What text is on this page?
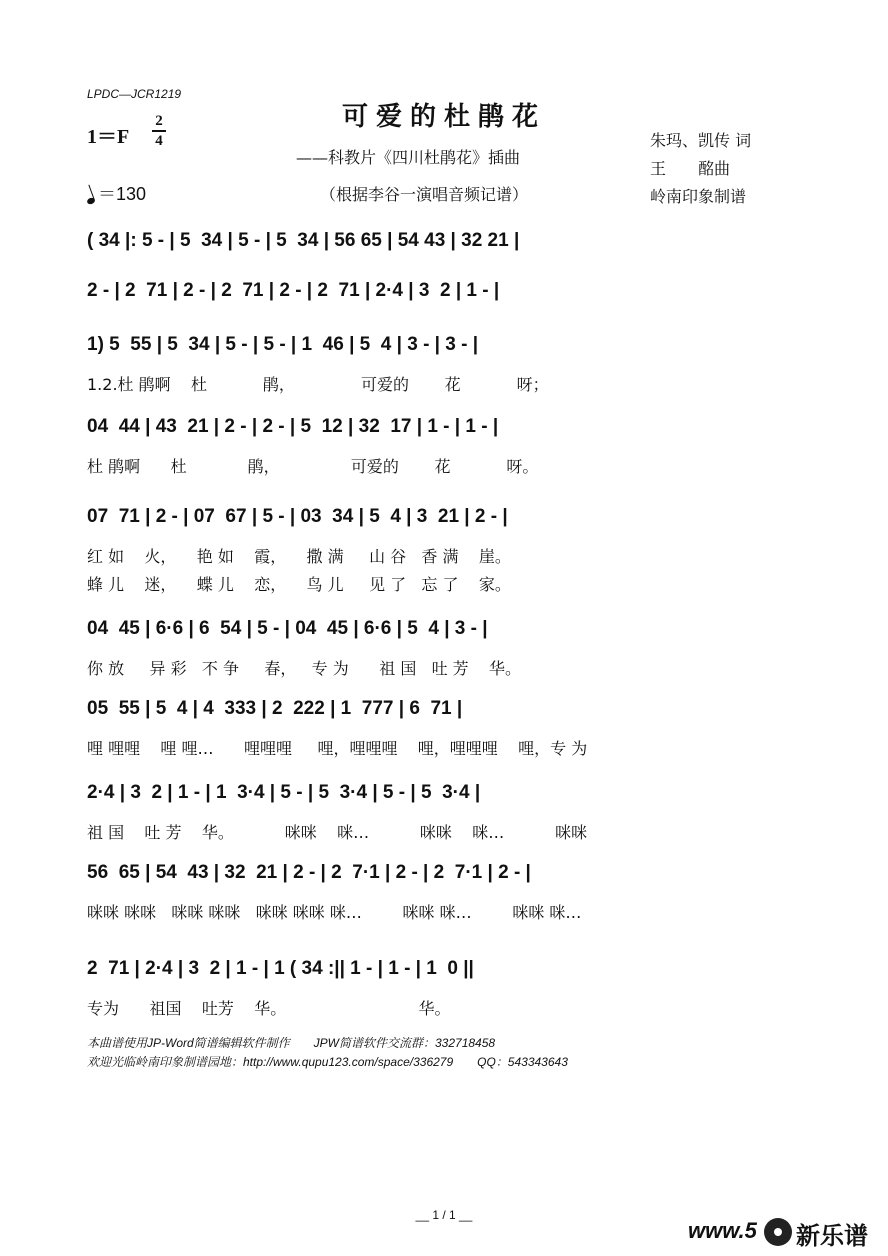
LPDC—JCR1219
可爱的杜鹃花
——科教片《四川杜鹃花》插曲
（根据李谷一演唱音频记谱）
朱玛、凯传 词
王　　酩曲
岭南印象制谱
1＝F
2
4
＝130
( 34 |: 5 - | 5  34 | 5 - | 5  34 | 56 65 | 54 43 | 32 21 |
2 - | 2  71 | 2 - | 2  71 | 2 - | 2  71 | 2·4 | 3  2 | 1 - |
1) 5  55 | 5  34 | 5 - | 5 - | 1  46 | 5  4 | 3 - | 3 - |
1.2.杜 鹃啊    杜           鹃，             可爱的       花           呀；
04  44 | 43  21 | 2 - | 2 - | 5  12 | 32  17 | 1 - | 1 - |
杜 鹃啊      杜            鹃，              可爱的       花           呀。
07  71 | 2 - | 07  67 | 5 - | 03  34 | 5  4 | 3  21 | 2 - |
红 如    火，    艳 如    霞，    撒 满     山 谷   香 满    崖。
蜂 儿    迷，    蝶 儿    恋，    鸟 儿     见 了   忘 了    家。
04  45 | 6·6 | 6  54 | 5 - | 04  45 | 6·6 | 5  4 | 3 - |
你 放     异 彩   不 争     春，   专 为      祖 国   吐 芳    华。
05  55 | 5  4 | 4  333 | 2  222 | 1  777 | 6  71 |
哩 哩哩    哩 哩…      哩哩哩     哩，哩哩哩    哩，哩哩哩    哩，专 为
2·4 | 3  2 | 1 - | 1  3·4 | 5 - | 5  3·4 | 5 - | 5  3·4 |
祖 国    吐 芳    华。          咪咪    咪…          咪咪    咪…          咪咪
56  65 | 54  43 | 32  21 | 2 - | 2  7·1 | 2 - | 2  7·1 | 2 - |
咪咪 咪咪   咪咪 咪咪   咪咪 咪咪 咪…        咪咪 咪…        咪咪 咪…
2  71 | 2·4 | 3  2 | 1 - | 1 ( 34 :|| 1 - | 1 - | 1  0 ||
专为      祖国    吐芳    华。                          华。
本曲谱使用JP-Word简谱编辑软件制作　　JPW简谱软件交流群：332718458
欢迎光临岭南印象制谱园地：http://www.qupu123.com/space/336279　　QQ：543343643
__ 1 / 1 __
www.5 新乐谱
